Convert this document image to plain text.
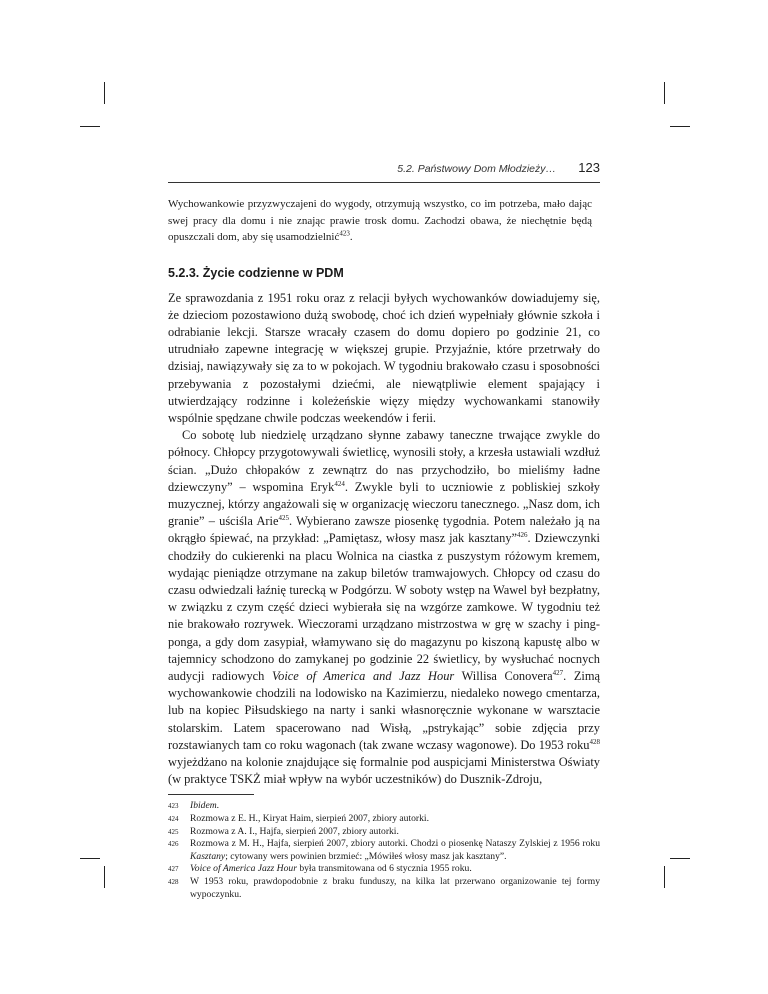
5.2. Państwowy Dom Młodzieży… 123

Wychowankowie przyzwyczajeni do wygody, otrzymują wszystko, co im potrzeba, mało dając swej pracy dla domu i nie znając prawie trosk domu. Zachodzi obawa, że niechętnie będą opuszczali dom, aby się usamodzielnić$^{423}$.

5.2.3. Życie codzienne w PDM

Ze sprawozdania z 1951 roku oraz z relacji byłych wychowanków dowiadujemy się, że dzieciom pozostawiono dużą swobodę, choć ich dzień wypełniały głównie szkoła i odrabianie lekcji. Starsze wracały czasem do domu dopiero po godzinie 21, co utrudniało zapewne integrację w większej grupie. Przyjaźnie, które przetrwały do dzisiaj, nawiązywały się za to w pokojach. W tygodniu brakowało czasu i sposobności przebywania z pozostałymi dziećmi, ale niewątpliwie element spajający i utwierdzający rodzinne i koleżeńskie więzy między wychowankami stanowiły wspólnie spędzane chwile podczas weekendów i ferii.

Co sobotę lub niedzielę urządzano słynne zabawy taneczne trwające zwykle do północy. Chłopcy przygotowywali świetlicę, wynosili stoły, a krzesła ustawiali wzdłuż ścian. „Dużo chłopaków z zewnątrz do nas przychodziło, bo mieliśmy ładne dziewczyny” – wspomina Eryk$^{424}$. Zwykle byli to uczniowie z pobliskiej szkoły muzycznej, którzy angażowali się w organizację wieczoru tanecznego. „Nasz dom, ich granie” – uściśla Arie$^{425}$. Wybierano zawsze piosenkę tygodnia. Potem należało ją na okrągło śpiewać, na przykład: „Pamiętasz, włosy masz jak kasztany”$^{426}$. Dziewczynki chodziły do cukierenki na placu Wolnica na ciastka z puszystym różowym kremem, wydając pieniądze otrzymane na zakup biletów tramwajowych. Chłopcy od czasu do czasu odwiedzali łaźnię turecką w Podgórzu. W soboty wstęp na Wawel był bezpłatny, w związku z czym część dzieci wybierała się na wzgórze zamkowe. W tygodniu też nie brakowało rozrywek. Wieczorami urządzano mistrzostwa w grę w szachy i ping-ponga, a gdy dom zasypiał, włamywano się do magazynu po kiszoną kapustę albo w tajemnicy schodzono do zamykanej po godzinie 22 świetlicy, by wysłuchać nocnych audycji radiowych Voice of America and Jazz Hour Willisa Conovera$^{427}$. Zimą wychowankowie chodzili na lodowisko na Kazimierzu, niedaleko nowego cmentarza, lub na kopiec Piłsudskiego na narty i sanki własnoręcznie wykonane w warsztacie stolarskim. Latem spacerowano nad Wisłą, „pstrykając” sobie zdjęcia przy rozstawianych tam co roku wagonach (tak zwane wczasy wagonowe). Do 1953 roku$^{428}$ wyjeżdżano na kolonie znajdujące się formalnie pod auspicjami Ministerstwa Oświaty (w praktyce TSKŻ miał wpływ na wybór uczestników) do Dusznik-Zdroju,

423	Ibidem.
424	Rozmowa z E. H., Kiryat Haim, sierpień 2007, zbiory autorki.
425	Rozmowa z A. I., Hajfa, sierpień 2007, zbiory autorki.
426	Rozmowa z M. H., Hajfa, sierpień 2007, zbiory autorki. Chodzi o piosenkę Nataszy Zylskiej z 1956 roku Kasztany; cytowany wers powinien brzmieć: „Mówiłeś włosy masz jak kasztany”.
427	Voice of America Jazz Hour była transmitowana od 6 stycznia 1955 roku.
428	W 1953 roku, prawdopodobnie z braku funduszy, na kilka lat przerwano organizowanie tej formy wypoczynku.
